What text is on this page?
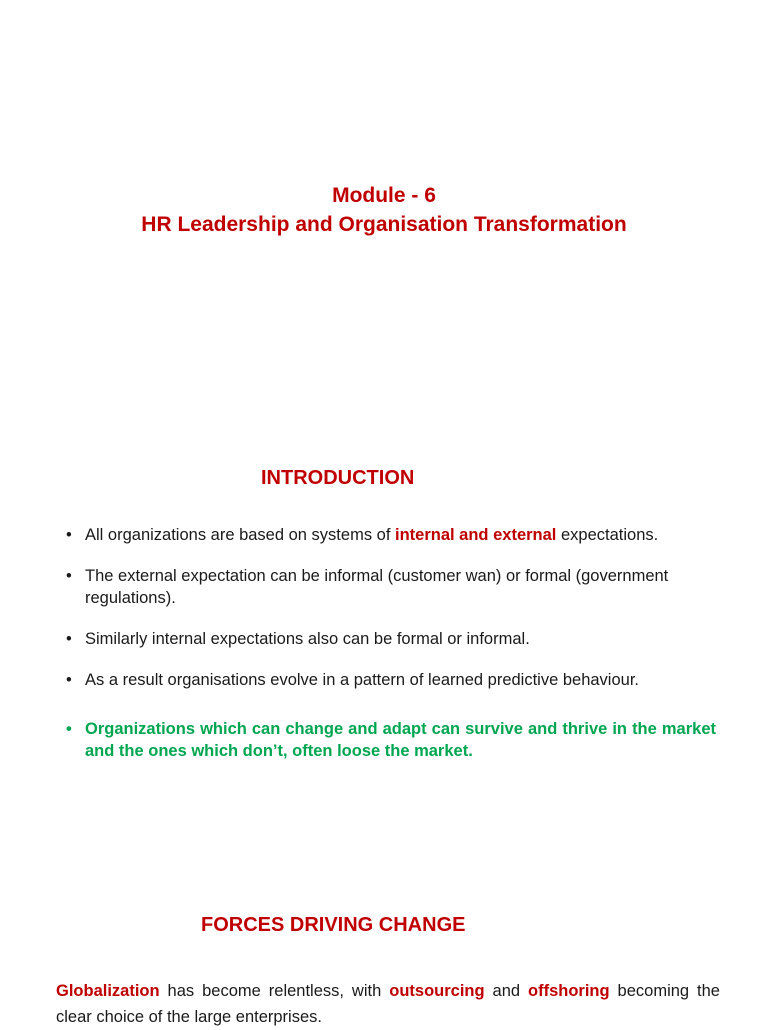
Module - 6
HR Leadership and Organisation Transformation
INTRODUCTION
• All organizations are based on systems of internal and external expectations.
• The external expectation can be informal (customer wan) or formal (government regulations).
• Similarly internal expectations also can be formal or informal.
• As a result organisations evolve in a pattern of learned predictive behaviour.
• Organizations which can change and adapt can survive and thrive in the market and the ones which don’t, often loose the market.
FORCES DRIVING CHANGE
Globalization has become relentless, with outsourcing and offshoring becoming the clear choice of the large enterprises.
